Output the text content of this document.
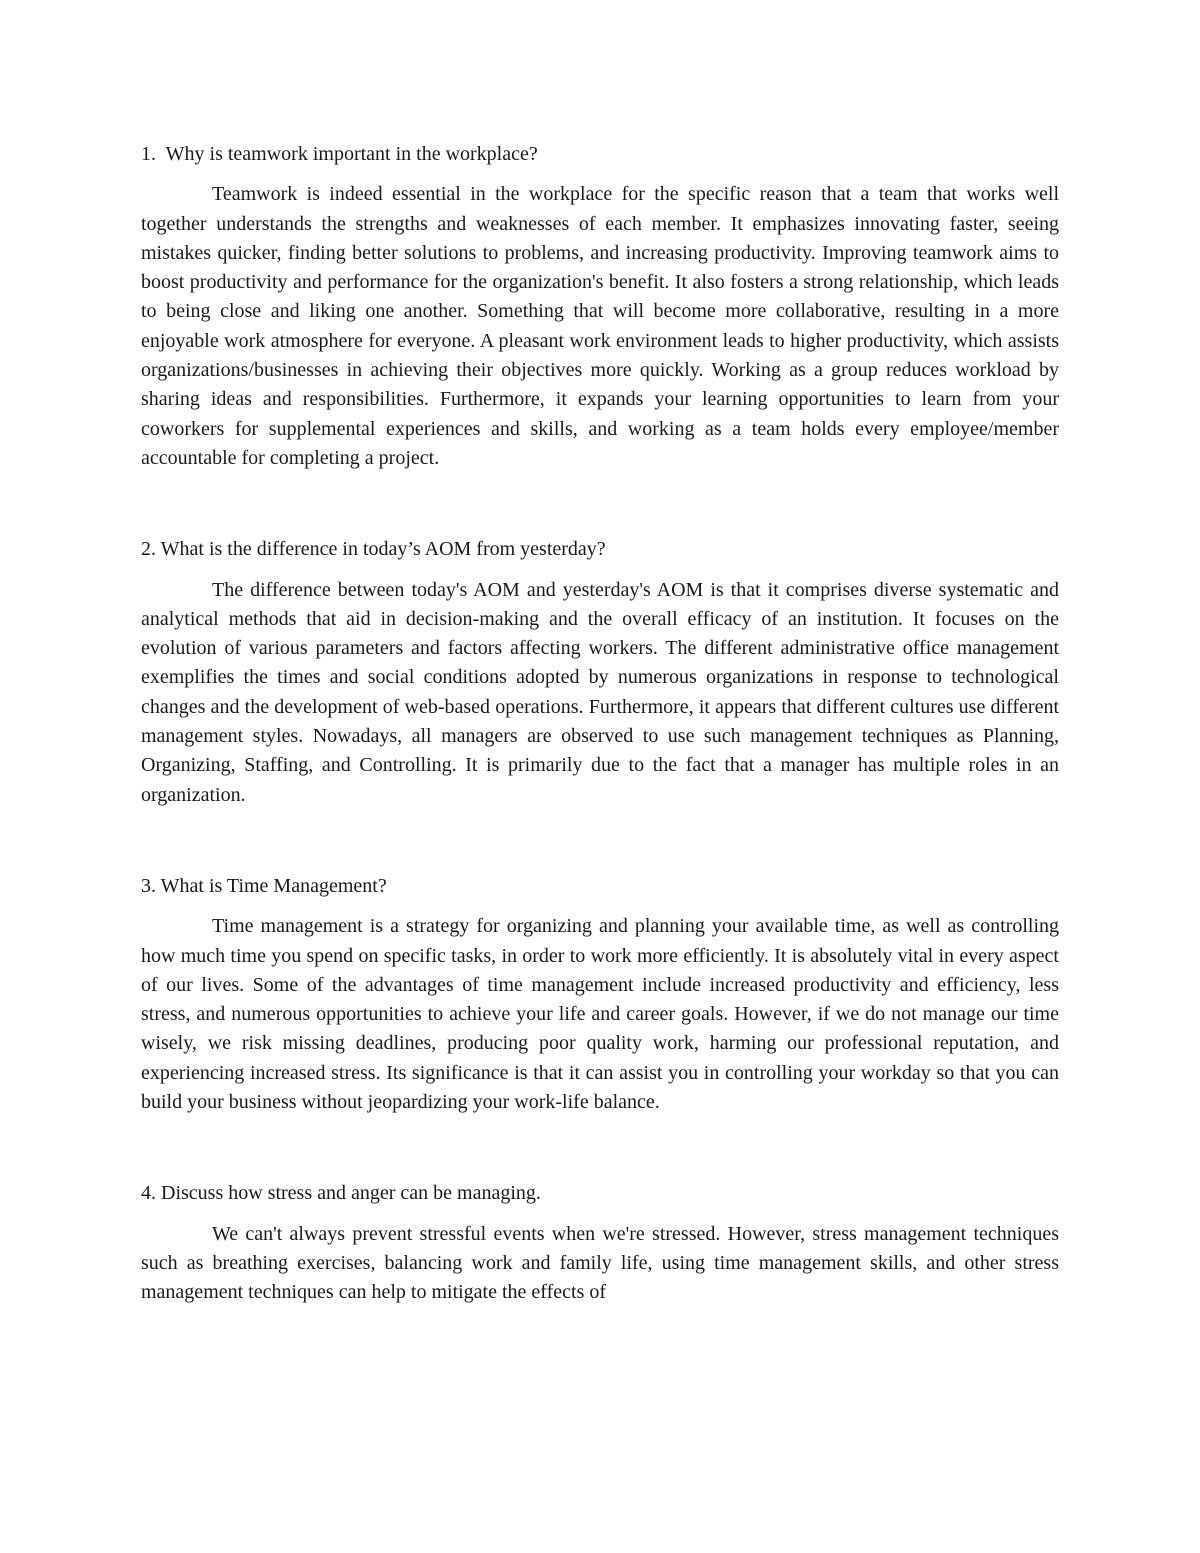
1.  Why is teamwork important in the workplace?

Teamwork is indeed essential in the workplace for the specific reason that a team that works well together understands the strengths and weaknesses of each member. It emphasizes innovating faster, seeing mistakes quicker, finding better solutions to problems, and increasing productivity. Improving teamwork aims to boost productivity and performance for the organization's benefit. It also fosters a strong relationship, which leads to being close and liking one another. Something that will become more collaborative, resulting in a more enjoyable work atmosphere for everyone. A pleasant work environment leads to higher productivity, which assists organizations/businesses in achieving their objectives more quickly. Working as a group reduces workload by sharing ideas and responsibilities. Furthermore, it expands your learning opportunities to learn from your coworkers for supplemental experiences and skills, and working as a team holds every employee/member accountable for completing a project.

2. What is the difference in today’s AOM from yesterday?

The difference between today's AOM and yesterday's AOM is that it comprises diverse systematic and analytical methods that aid in decision-making and the overall efficacy of an institution. It focuses on the evolution of various parameters and factors affecting workers. The different administrative office management exemplifies the times and social conditions adopted by numerous organizations in response to technological changes and the development of web-based operations. Furthermore, it appears that different cultures use different management styles. Nowadays, all managers are observed to use such management techniques as Planning, Organizing, Staffing, and Controlling. It is primarily due to the fact that a manager has multiple roles in an organization.

3. What is Time Management?

Time management is a strategy for organizing and planning your available time, as well as controlling how much time you spend on specific tasks, in order to work more efficiently. It is absolutely vital in every aspect of our lives. Some of the advantages of time management include increased productivity and efficiency, less stress, and numerous opportunities to achieve your life and career goals. However, if we do not manage our time wisely, we risk missing deadlines, producing poor quality work, harming our professional reputation, and experiencing increased stress. Its significance is that it can assist you in controlling your workday so that you can build your business without jeopardizing your work-life balance.

4. Discuss how stress and anger can be managing.

We can't always prevent stressful events when we're stressed. However, stress management techniques such as breathing exercises, balancing work and family life, using time management skills, and other stress management techniques can help to mitigate the effects of
